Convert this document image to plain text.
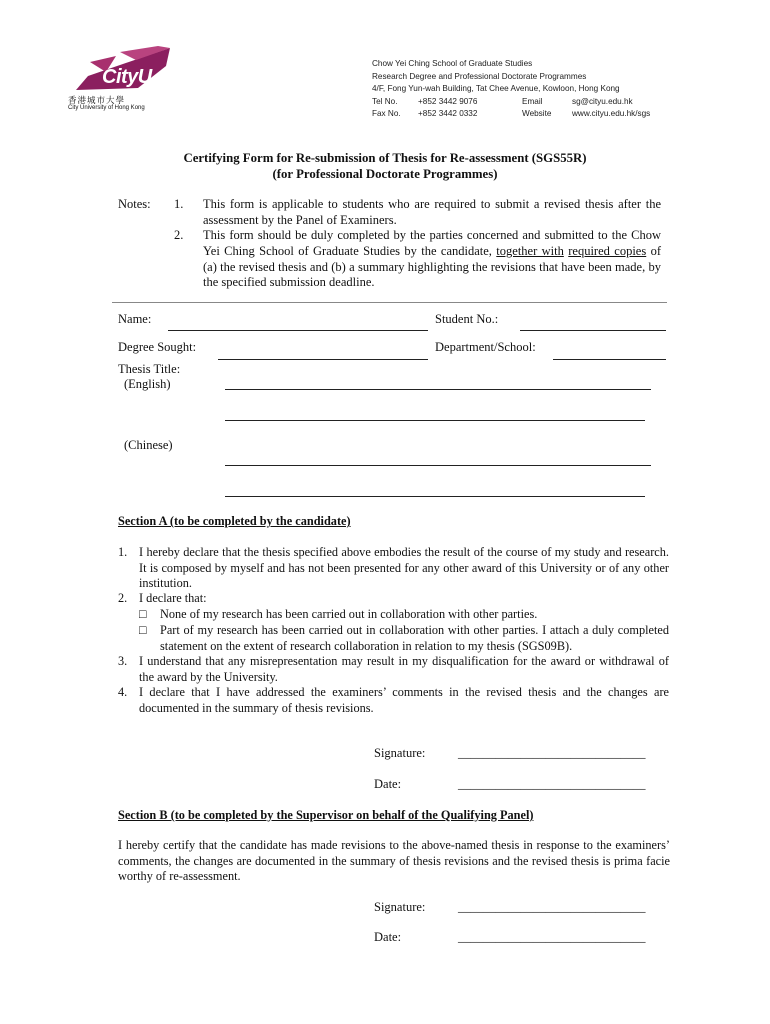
CityU
香港城市大學
City University of Hong Kong
Chow Yei Ching School of Graduate Studies
Research Degree and Professional Doctorate Programmes
4/F, Fong Yun-wah Building, Tat Chee Avenue, Kowloon, Hong Kong
Tel No.	+852 3442 9076	Email	sg@cityu.edu.hk
Fax No.	+852 3442 0332	Website	www.cityu.edu.hk/sgs
Certifying Form for Re-submission of Thesis for Re-assessment (SGS55R)
(for Professional Doctorate Programmes)
Notes: 1. This form is applicable to students who are required to submit a revised thesis after the assessment by the Panel of Examiners.
2. This form should be duly completed by the parties concerned and submitted to the Chow Yei Ching School of Graduate Studies by the candidate, together with required copies of (a) the revised thesis and (b) a summary highlighting the revisions that have been made, by the specified submission deadline.
Name:	Student No.:
Degree Sought:	Department/School:
Thesis Title:
(English)
(Chinese)
Section A (to be completed by the candidate)
1. I hereby declare that the thesis specified above embodies the result of the course of my study and research. It is composed by myself and has not been presented for any other award of this University or of any other institution.
2. I declare that:
□ None of my research has been carried out in collaboration with other parties.
□ Part of my research has been carried out in collaboration with other parties. I attach a duly completed statement on the extent of research collaboration in relation to my thesis (SGS09B).
3. I understand that any misrepresentation may result in my disqualification for the award or withdrawal of the award by the University.
4. I declare that I have addressed the examiners’ comments in the revised thesis and the changes are documented in the summary of thesis revisions.
Signature:	______________________________
Date:	______________________________
Section B (to be completed by the Supervisor on behalf of the Qualifying Panel)
I hereby certify that the candidate has made revisions to the above-named thesis in response to the examiners’ comments, the changes are documented in the summary of thesis revisions and the revised thesis is prima facie worthy of re-assessment.
Signature:	______________________________
Date:	______________________________
